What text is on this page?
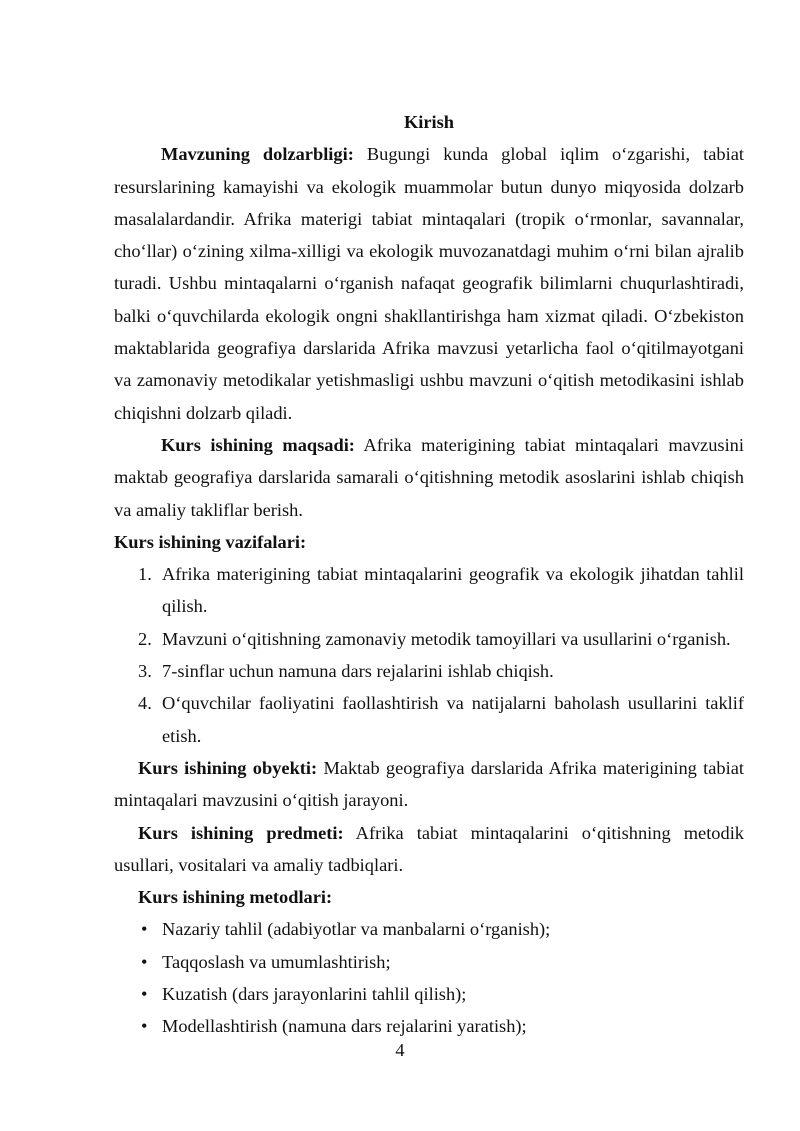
Kirish

Mavzuning dolzarbligi: Bugungi kunda global iqlim o‘zgarishi, tabiat resurslarining kamayishi va ekologik muammolar butun dunyo miqyosida dolzarb masalalardandir. Afrika materigi tabiat mintaqalari (tropik o‘rmonlar, savannalar, cho‘llar) o‘zining xilma-xilligi va ekologik muvozanatdagi muhim o‘rni bilan ajralib turadi. Ushbu mintaqalarni o‘rganish nafaqat geografik bilimlarni chuqurlashtiradi, balki o‘quvchilarda ekologik ongni shakllantirishga ham xizmat qiladi. O‘zbekiston maktablarida geografiya darslarida Afrika mavzusi yetarlicha faol o‘qitilmayotgani va zamonaviy metodikalar yetishmasligi ushbu mavzuni o‘qitish metodikasini ishlab chiqishni dolzarb qiladi.

Kurs ishining maqsadi: Afrika materigining tabiat mintaqalari mavzusini maktab geografiya darslarida samarali o‘qitishning metodik asoslarini ishlab chiqish va amaliy takliflar berish.

Kurs ishining vazifalari:

1. Afrika materigining tabiat mintaqalarini geografik va ekologik jihatdan tahlil qilish.
2. Mavzuni o‘qitishning zamonaviy metodik tamoyillari va usullarini o‘rganish.
3. 7-sinflar uchun namuna dars rejalarini ishlab chiqish.
4. O‘quvchilar faoliyatini faollashtirish va natijalarni baholash usullarini taklif etish.

Kurs ishining obyekti: Maktab geografiya darslarida Afrika materigining tabiat mintaqalari mavzusini o‘qitish jarayoni.

Kurs ishining predmeti: Afrika tabiat mintaqalarini o‘qitishning metodik usullari, vositalari va amaliy tadbiqlari.

Kurs ishining metodlari:

• Nazariy tahlil (adabiyotlar va manbalarni o‘rganish);
• Taqqoslash va umumlashtirish;
• Kuzatish (dars jarayonlarini tahlil qilish);
• Modellashtirish (namuna dars rejalarini yaratish);
4
